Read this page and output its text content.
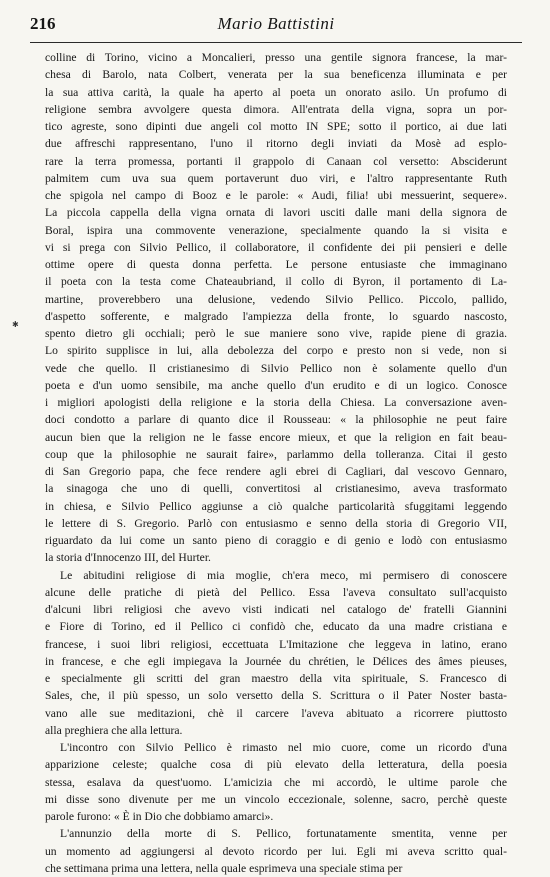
216	Mario Battistini
✱
colline di Torino, vicino a Moncalieri, presso una gentile signora francese, la mar-
chesa di Barolo, nata Colbert, venerata per la sua beneficenza illuminata e per
la sua attiva carità, la quale ha aperto al poeta un onorato asilo. Un profumo di
religione sembra avvolgere questa dimora. All'entrata della vigna, sopra un por-
tico agreste, sono dipinti due angeli col motto IN SPE; sotto il portico, ai due lati
due affreschi rappresentano, l'uno il ritorno degli inviati da Mosè ad esplo-
rare la terra promessa, portanti il grappolo di Canaan col versetto: Absciderunt
palmitem cum uva sua quem portaverunt duo viri, e l'altro rappresentante Ruth
che spigola nel campo di Booz e le parole: « Audi, filia! ubi messuerint, sequere».
La piccola cappella della vigna ornata di lavori usciti dalle mani della signora de
Boral, ispira una commovente venerazione, specialmente quando la si visita e
vi si prega con Silvio Pellico, il collaboratore, il confidente dei pii pensieri e delle
ottime opere di questa donna perfetta. Le persone entusiaste che immaginano
il poeta con la testa come Chateaubriand, il collo di Byron, il portamento di La-
martine, proverebbero una delusione, vedendo Silvio Pellico. Piccolo, pallido,
d'aspetto sofferente, e malgrado l'ampiezza della fronte, lo sguardo nascosto,
spento dietro gli occhiali; però le sue maniere sono vive, rapide piene di grazia.
Lo spirito supplisce in lui, alla debolezza del corpo e presto non si vede, non si
vede che quello. Il cristianesimo di Silvio Pellico non è solamente quello d'un
poeta e d'un uomo sensibile, ma anche quello d'un erudito e di un logico. Conosce
i migliori apologisti della religione e la storia della Chiesa. La conversazione aven-
doci condotto a parlare di quanto dice il Rousseau: « la philosophie ne peut faire
aucun bien que la religion ne le fasse encore mieux, et que la religion en fait beau-
coup que la philosophie ne saurait faire», parlammo della tolleranza. Citai il gesto
di San Gregorio papa, che fece rendere agli ebrei di Cagliari, dal vescovo Gennaro,
la sinagoga che uno di quelli, convertitosi al cristianesimo, aveva trasformato
in chiesa, e Silvio Pellico aggiunse a ciò qualche particolarità sfuggitami leggendo
le lettere di S. Gregorio. Parlò con entusiasmo e senno della storia di Gregorio VII,
riguardato da lui come un santo pieno di coraggio e di genio e lodò con entusiasmo
la storia d'Innocenzo III, del Hurter.
Le abitudini religiose di mia moglie, ch'era meco, mi permisero di conoscere
alcune delle pratiche di pietà del Pellico. Essa l'aveva consultato sull'acquisto
d'alcuni libri religiosi che avevo visti indicati nel catalogo de' fratelli Giannini
e Fiore di Torino, ed il Pellico ci confidò che, educato da una madre cristiana e
francese, i suoi libri religiosi, eccettuata L'Imitazione che leggeva in latino, erano
in francese, e che egli impiegava la Journée du chrétien, le Délices des âmes pieuses,
e specialmente gli scritti del gran maestro della vita spirituale, S. Francesco di
Sales, che, il più spesso, un solo versetto della S. Scrittura o il Pater Noster basta-
vano alle sue meditazioni, chè il carcere l'aveva abituato a ricorrere piuttosto
alla preghiera che alla lettura.
L'incontro con Silvio Pellico è rimasto nel mio cuore, come un ricordo d'una
apparizione celeste; qualche cosa di più elevato della letteratura, della poesia
stessa, esalava da quest'uomo. L'amicizia che mi accordò, le ultime parole che
mi disse sono divenute per me un vincolo eccezionale, solenne, sacro, perchè queste
parole furono: « È in Dio che dobbiamo amarci».
L'annunzio della morte di S. Pellico, fortunatamente smentita, venne per
un momento ad aggiungersi al devoto ricordo per lui. Egli mi aveva scritto qual-
che settimana prima una lettera, nella quale esprimeva una speciale stima per
